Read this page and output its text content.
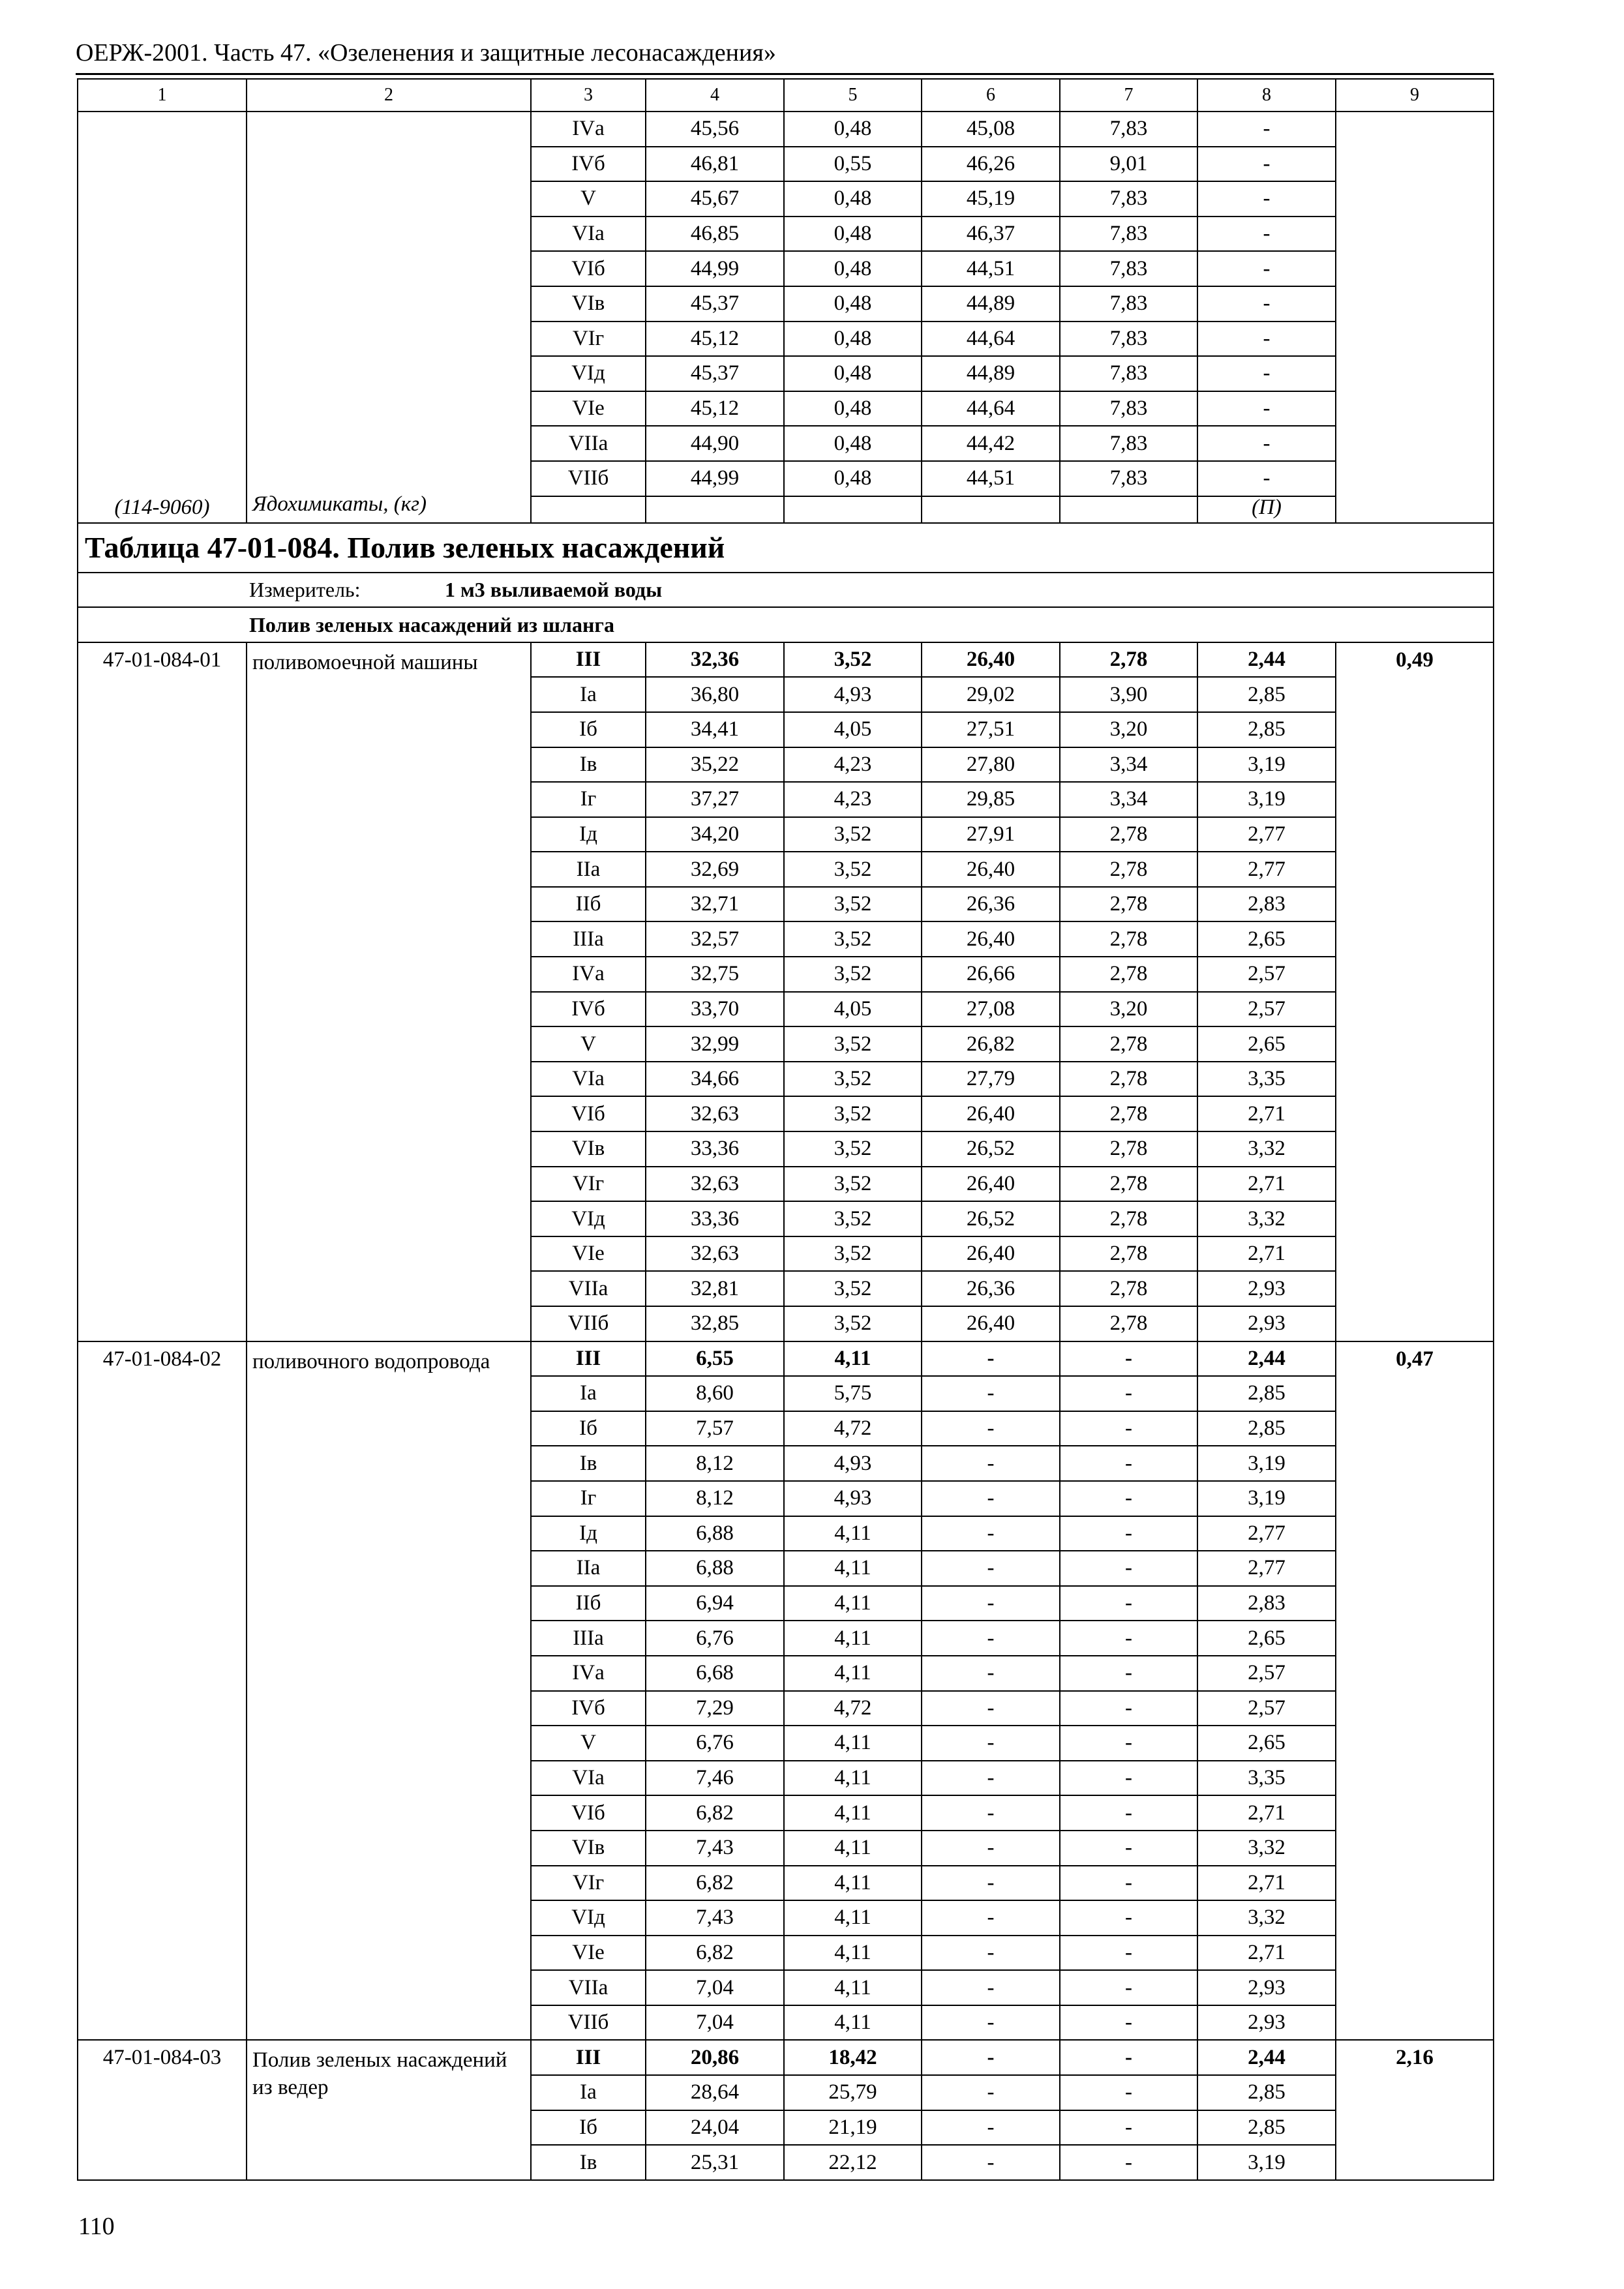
ОЕРЖ-2001. Часть 47. «Озеленения и защитные лесонасаждения»
1	2	3	4	5	6	7	8	9
(114-9060)	Ядохимикаты, (кг)	IVа	45,56	0,48	45,08	7,83	-	
		IVб	46,81	0,55	46,26	9,01	-	
		V	45,67	0,48	45,19	7,83	-	
		VIа	46,85	0,48	46,37	7,83	-	
		VIб	44,99	0,48	44,51	7,83	-	
		VIв	45,37	0,48	44,89	7,83	-	
		VIг	45,12	0,48	44,64	7,83	-	
		VIд	45,37	0,48	44,89	7,83	-	
		VIе	45,12	0,48	44,64	7,83	-	
		VIIа	44,90	0,48	44,42	7,83	-	
		VIIб	44,99	0,48	44,51	7,83	-	
							(П)	
Таблица 47-01-084. Полив зеленых насаждений								
Измеритель: 1 м3 выливаемой воды								
Полив зеленых насаждений из шланга								
47-01-084-01	поливомоечной машины	III	32,36	3,52	26,40	2,78	2,44	0,49
		Iа	36,80	4,93	29,02	3,90	2,85	
		Iб	34,41	4,05	27,51	3,20	2,85	
		Iв	35,22	4,23	27,80	3,34	3,19	
		Iг	37,27	4,23	29,85	3,34	3,19	
		Iд	34,20	3,52	27,91	2,78	2,77	
		IIа	32,69	3,52	26,40	2,78	2,77	
		IIб	32,71	3,52	26,36	2,78	2,83	
		IIIа	32,57	3,52	26,40	2,78	2,65	
		IVа	32,75	3,52	26,66	2,78	2,57	
		IVб	33,70	4,05	27,08	3,20	2,57	
		V	32,99	3,52	26,82	2,78	2,65	
		VIа	34,66	3,52	27,79	2,78	3,35	
		VIб	32,63	3,52	26,40	2,78	2,71	
		VIв	33,36	3,52	26,52	2,78	3,32	
		VIг	32,63	3,52	26,40	2,78	2,71	
		VIд	33,36	3,52	26,52	2,78	3,32	
		VIе	32,63	3,52	26,40	2,78	2,71	
		VIIа	32,81	3,52	26,36	2,78	2,93	
		VIIб	32,85	3,52	26,40	2,78	2,93	
47-01-084-02	поливочного водопровода	III	6,55	4,11	-	-	2,44	0,47
		Iа	8,60	5,75	-	-	2,85	
		Iб	7,57	4,72	-	-	2,85	
		Iв	8,12	4,93	-	-	3,19	
		Iг	8,12	4,93	-	-	3,19	
		Iд	6,88	4,11	-	-	2,77	
		IIа	6,88	4,11	-	-	2,77	
		IIб	6,94	4,11	-	-	2,83	
		IIIа	6,76	4,11	-	-	2,65	
		IVа	6,68	4,11	-	-	2,57	
		IVб	7,29	4,72	-	-	2,57	
		V	6,76	4,11	-	-	2,65	
		VIа	7,46	4,11	-	-	3,35	
		VIб	6,82	4,11	-	-	2,71	
		VIв	7,43	4,11	-	-	3,32	
		VIг	6,82	4,11	-	-	2,71	
		VIд	7,43	4,11	-	-	3,32	
		VIе	6,82	4,11	-	-	2,71	
		VIIа	7,04	4,11	-	-	2,93	
		VIIб	7,04	4,11	-	-	2,93	
47-01-084-03	Полив зеленых насаждений из ведер	III	20,86	18,42	-	-	2,44	2,16
		Iа	28,64	25,79	-	-	2,85	
		Iб	24,04	21,19	-	-	2,85	
		Iв	25,31	22,12	-	-	3,19	
110
